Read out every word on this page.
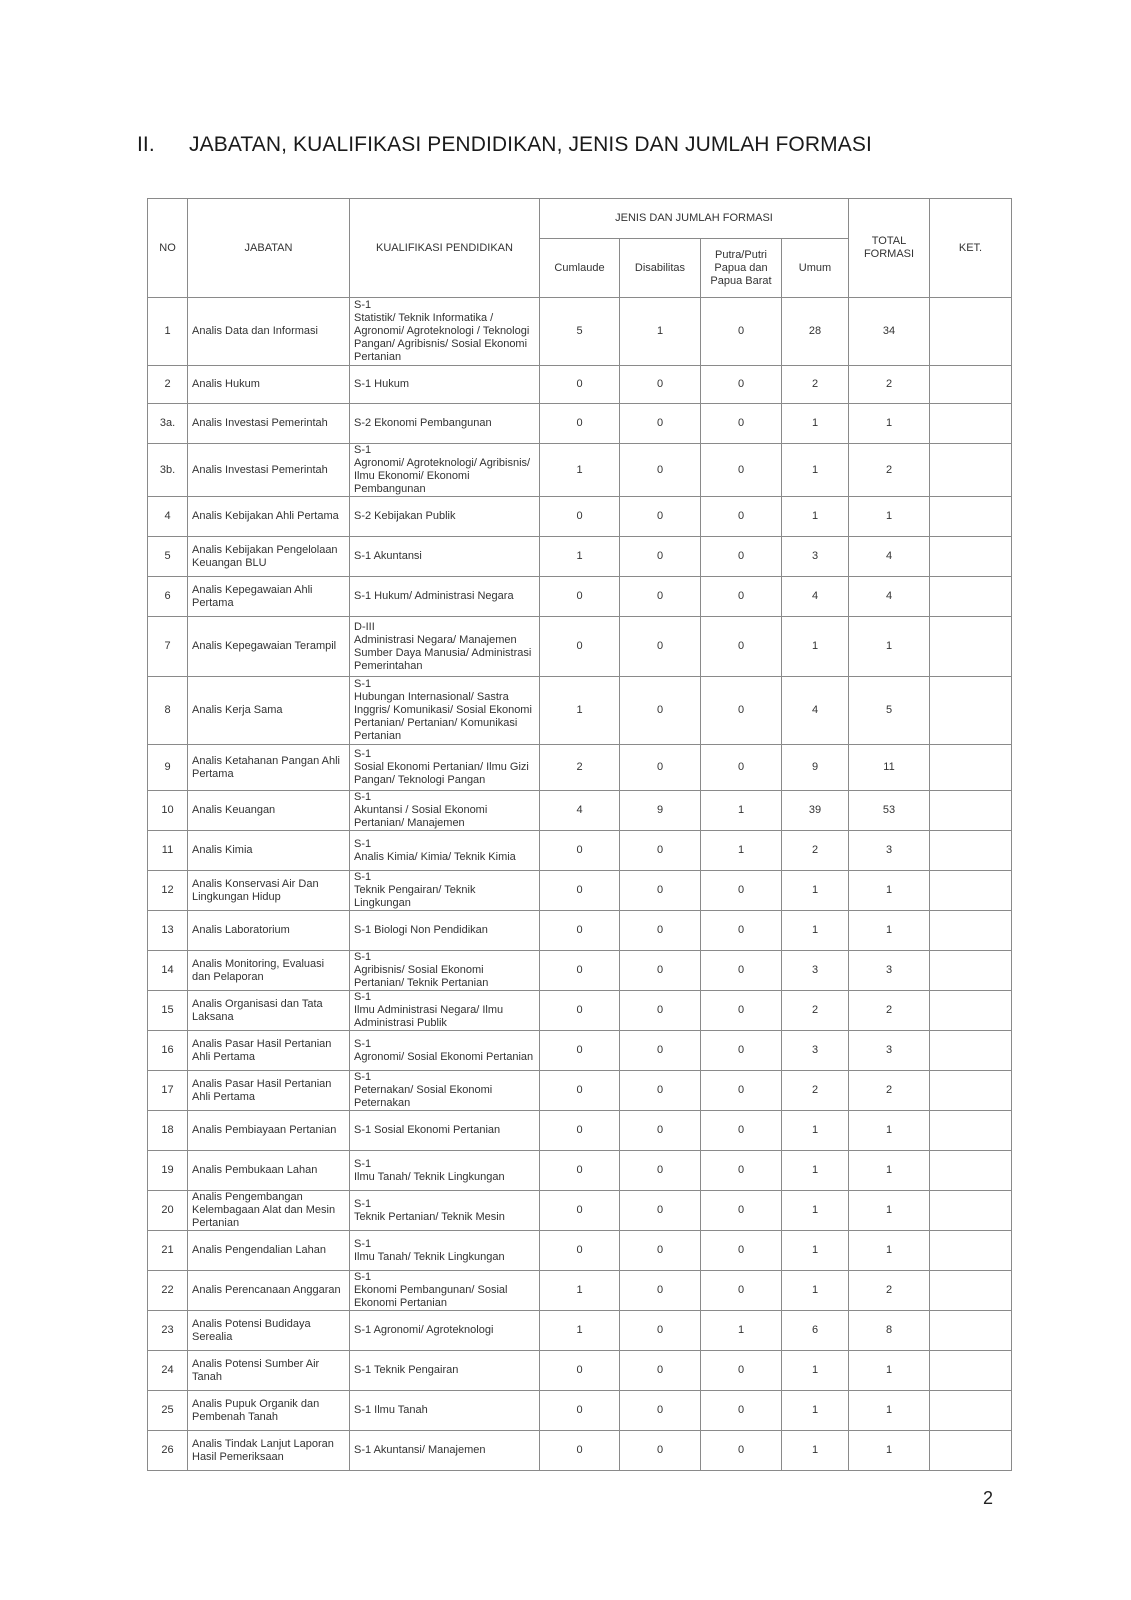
II. JABATAN, KUALIFIKASI PENDIDIKAN, JENIS DAN JUMLAH FORMASI
NO	JABATAN	KUALIFIKASI PENDIDIKAN	JENIS DAN JUMLAH FORMASI				TOTAL FORMASI	KET.
			Cumlaude	Disabilitas	Putra/Putri Papua dan Papua Barat	Umum		
1	Analis Data dan Informasi	S-1
Statistik/ Teknik Informatika / Agronomi/ Agroteknologi / Teknologi Pangan/ Agribisnis/ Sosial Ekonomi Pertanian	5	1	0	28	34	
2	Analis Hukum	S-1 Hukum	0	0	0	2	2	
3a.	Analis Investasi Pemerintah	S-2 Ekonomi Pembangunan	0	0	0	1	1	
3b.	Analis Investasi Pemerintah	S-1
Agronomi/ Agroteknologi/ Agribisnis/ Ilmu Ekonomi/ Ekonomi Pembangunan	1	0	0	1	2	
4	Analis Kebijakan Ahli Pertama	S-2 Kebijakan Publik	0	0	0	1	1	
5	Analis Kebijakan Pengelolaan Keuangan BLU	S-1 Akuntansi	1	0	0	3	4	
6	Analis Kepegawaian Ahli Pertama	S-1 Hukum/ Administrasi Negara	0	0	0	4	4	
7	Analis Kepegawaian Terampil	D-III
Administrasi Negara/ Manajemen Sumber Daya Manusia/ Administrasi Pemerintahan	0	0	0	1	1	
8	Analis Kerja Sama	S-1
Hubungan Internasional/ Sastra Inggris/ Komunikasi/ Sosial Ekonomi Pertanian/ Pertanian/ Komunikasi Pertanian	1	0	0	4	5	
9	Analis Ketahanan Pangan Ahli Pertama	S-1
Sosial Ekonomi Pertanian/ Ilmu Gizi Pangan/ Teknologi Pangan	2	0	0	9	11	
10	Analis Keuangan	S-1
Akuntansi / Sosial Ekonomi Pertanian/ Manajemen	4	9	1	39	53	
11	Analis Kimia	S-1
Analis Kimia/ Kimia/ Teknik Kimia	0	0	1	2	3	
12	Analis Konservasi Air Dan Lingkungan Hidup	S-1
Teknik Pengairan/ Teknik Lingkungan	0	0	0	1	1	
13	Analis Laboratorium	S-1 Biologi Non Pendidikan	0	0	0	1	1	
14	Analis Monitoring, Evaluasi dan Pelaporan	S-1
Agribisnis/ Sosial Ekonomi Pertanian/ Teknik Pertanian	0	0	0	3	3	
15	Analis Organisasi dan Tata Laksana	S-1
Ilmu Administrasi Negara/ Ilmu Administrasi Publik	0	0	0	2	2	
16	Analis Pasar Hasil Pertanian Ahli Pertama	S-1
Agronomi/ Sosial Ekonomi Pertanian	0	0	0	3	3	
17	Analis Pasar Hasil Pertanian Ahli Pertama	S-1
Peternakan/ Sosial Ekonomi Peternakan	0	0	0	2	2	
18	Analis Pembiayaan Pertanian	S-1 Sosial Ekonomi Pertanian	0	0	0	1	1	
19	Analis Pembukaan Lahan	S-1
Ilmu Tanah/ Teknik Lingkungan	0	0	0	1	1	
20	Analis Pengembangan Kelembagaan Alat dan Mesin Pertanian	S-1
Teknik Pertanian/ Teknik Mesin	0	0	0	1	1	
21	Analis Pengendalian Lahan	S-1
Ilmu Tanah/ Teknik Lingkungan	0	0	0	1	1	
22	Analis Perencanaan Anggaran	S-1
Ekonomi Pembangunan/ Sosial Ekonomi Pertanian	1	0	0	1	2	
23	Analis Potensi Budidaya Serealia	S-1 Agronomi/ Agroteknologi	1	0	1	6	8	
24	Analis Potensi Sumber Air Tanah	S-1 Teknik Pengairan	0	0	0	1	1	
25	Analis Pupuk Organik dan Pembenah Tanah	S-1 Ilmu Tanah	0	0	0	1	1	
26	Analis Tindak Lanjut Laporan Hasil Pemeriksaan	S-1 Akuntansi/ Manajemen	0	0	0	1	1	
2
